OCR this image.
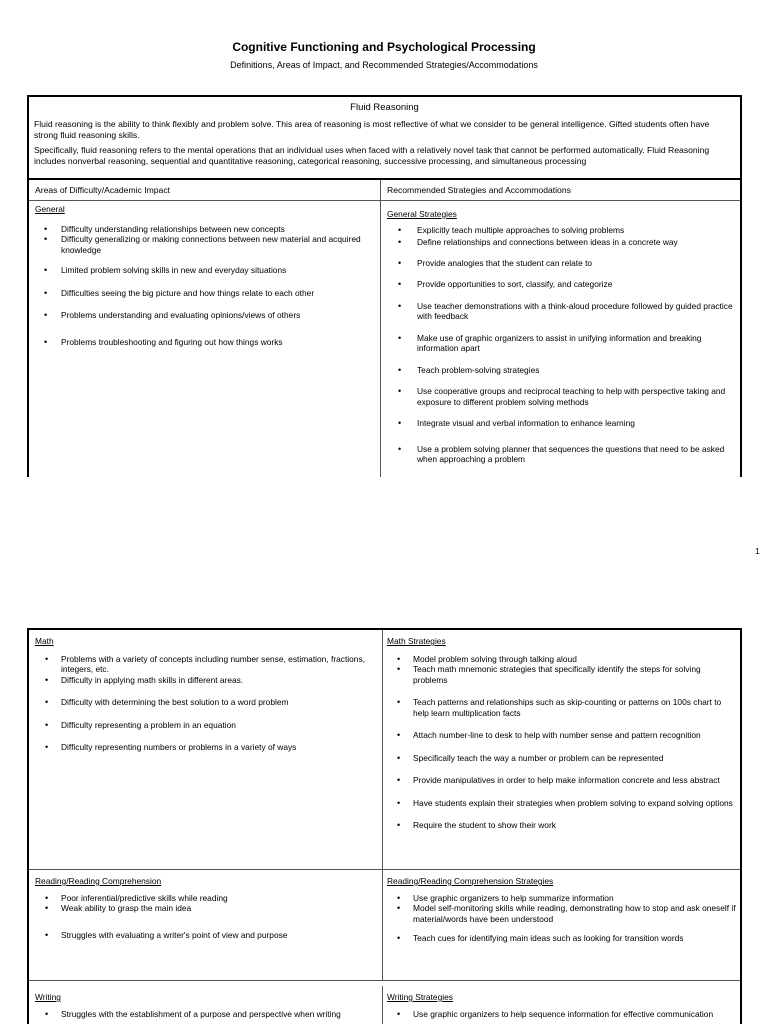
Cognitive Functioning and Psychological Processing
Definitions, Areas of Impact, and Recommended Strategies/Accommodations
Fluid Reasoning

Fluid reasoning is the ability to think flexibly and problem solve. This area of reasoning is most reflective of what we consider to be general intelligence. Gifted students often have strong fluid reasoning skills.

Specifically, fluid reasoning refers to the mental operations that an individual uses when faced with a relatively novel task that cannot be performed automatically. Fluid Reasoning includes nonverbal reasoning, sequential and quantitative reasoning, categorical reasoning, successive processing, and simultaneous processing

Areas of Difficulty/Academic Impact	Recommended Strategies and Accommodations
General
• Difficulty understanding relationships between new concepts
• Difficulty generalizing or making connections between new material and acquired knowledge
• Limited problem solving skills in new and everyday situations
• Difficulties seeing the big picture and how things relate to each other
• Problems understanding and evaluating opinions/views of others
• Problems troubleshooting and figuring out how things works
General Strategies
• Explicitly teach multiple approaches to solving problems
• Define relationships and connections between ideas in a concrete way
• Provide analogies that the student can relate to
• Provide opportunities to sort, classify, and categorize
• Use teacher demonstrations with a think-aloud procedure followed by guided practice with feedback
• Make use of graphic organizers to assist in unifying information and breaking information apart
• Teach problem-solving strategies
• Use cooperative groups and reciprocal teaching to help with perspective taking and exposure to different problem solving methods
• Integrate visual and verbal information to enhance learning
• Use a problem solving planner that sequences the questions that need to be asked when approaching a problem
1
Math
• Problems with a variety of concepts including number sense, estimation, fractions, integers, etc.
• Difficulty in applying math skills in different areas.
• Difficulty with determining the best solution to a word problem
• Difficulty representing a problem in an equation
• Difficulty representing numbers or problems in a variety of ways
Math Strategies
• Model problem solving through talking aloud
• Teach math mnemonic strategies that specifically identify the steps for solving problems
• Teach patterns and relationships such as skip-counting or patterns on 100s chart to help learn multiplication facts
• Attach number-line to desk to help with number sense and pattern recognition
• Specifically teach the way a number or problem can be represented
• Provide manipulatives in order to help make information concrete and less abstract
• Have students explain their strategies when problem solving to expand solving options
• Require the student to show their work
Reading/Reading Comprehension
• Poor inferential/predictive skills while reading
• Weak ability to grasp the main idea
• Struggles with evaluating a writer's point of view and purpose
Reading/Reading Comprehension Strategies
• Use graphic organizers to help summarize information
• Model self-monitoring skills while reading, demonstrating how to stop and ask oneself if material/words have been understood
• Teach cues for identifying main ideas such as looking for transition words
Writing
• Struggles with the establishment of a purpose and perspective when writing
Writing Strategies
• Use graphic organizers to help sequence information for effective communication
